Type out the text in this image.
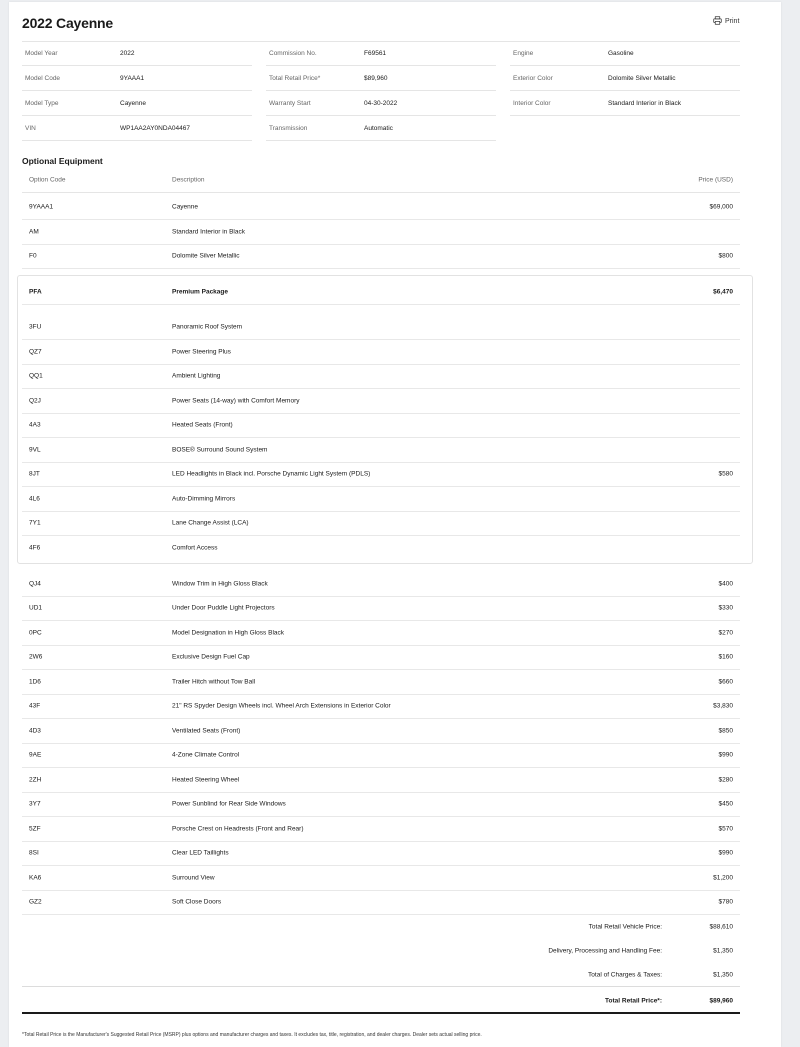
2022 Cayenne	Print
Model Year	2022	Commission No.	F69561	Engine	Gasoline
Model Code	9YAAA1	Total Retail Price*	$89,960	Exterior Color	Dolomite Silver Metallic
Model Type	Cayenne	Warranty Start	04-30-2022	Interior Color	Standard Interior in Black
VIN	WP1AA2AY0NDA04467	Transmission	Automatic
Optional Equipment
Option Code	Description	Price (USD)
9YAAA1	Cayenne	$69,000
AM	Standard Interior in Black
F0	Dolomite Silver Metallic	$800
PFA	Premium Package	$6,470
3FU	Panoramic Roof System
QZ7	Power Steering Plus
QQ1	Ambient Lighting
Q2J	Power Seats (14-way) with Comfort Memory
4A3	Heated Seats (Front)
9VL	BOSE® Surround Sound System
8JT	LED Headlights in Black incl. Porsche Dynamic Light System (PDLS)	$580
4L6	Auto-Dimming Mirrors
7Y1	Lane Change Assist (LCA)
4F6	Comfort Access
QJ4	Window Trim in High Gloss Black	$400
UD1	Under Door Puddle Light Projectors	$330
0PC	Model Designation in High Gloss Black	$270
2W6	Exclusive Design Fuel Cap	$160
1D6	Trailer Hitch without Tow Ball	$660
43F	21" RS Spyder Design Wheels incl. Wheel Arch Extensions in Exterior Color	$3,830
4D3	Ventilated Seats (Front)	$850
9AE	4-Zone Climate Control	$990
2ZH	Heated Steering Wheel	$280
3Y7	Power Sunblind for Rear Side Windows	$450
5ZF	Porsche Crest on Headrests (Front and Rear)	$570
8SI	Clear LED Taillights	$990
KA6	Surround View	$1,200
GZ2	Soft Close Doors	$780
Total Retail Vehicle Price:	$88,610
Delivery, Processing and Handling Fee:	$1,350
Total of Charges & Taxes:	$1,350
Total Retail Price*:	$89,960
*Total Retail Price is the Manufacturer's Suggested Retail Price (MSRP) plus options and manufacturer charges and taxes. It excludes tax, title, registration, and dealer charges. Dealer sets actual selling price.
